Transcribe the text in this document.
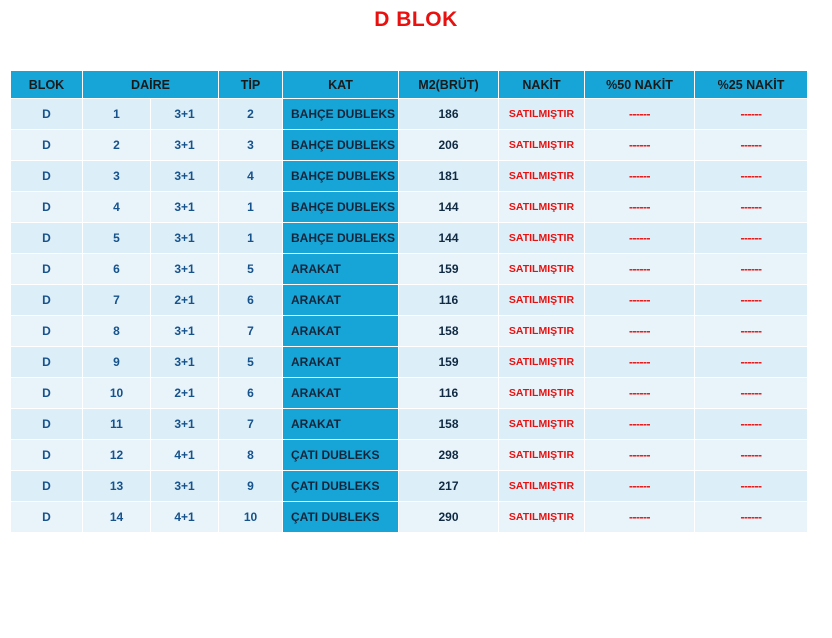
D BLOK
BLOK	DAİRE		TİP	KAT	M2(BRÜT)	NAKİT	%50 NAKİT	%25 NAKİT
D	1	3+1	2	BAHÇE DUBLEKS	186	SATILMIŞTIR	------	------
D	2	3+1	3	BAHÇE DUBLEKS	206	SATILMIŞTIR	------	------
D	3	3+1	4	BAHÇE DUBLEKS	181	SATILMIŞTIR	------	------
D	4	3+1	1	BAHÇE DUBLEKS	144	SATILMIŞTIR	------	------
D	5	3+1	1	BAHÇE DUBLEKS	144	SATILMIŞTIR	------	------
D	6	3+1	5	ARAKAT	159	SATILMIŞTIR	------	------
D	7	2+1	6	ARAKAT	116	SATILMIŞTIR	------	------
D	8	3+1	7	ARAKAT	158	SATILMIŞTIR	------	------
D	9	3+1	5	ARAKAT	159	SATILMIŞTIR	------	------
D	10	2+1	6	ARAKAT	116	SATILMIŞTIR	------	------
D	11	3+1	7	ARAKAT	158	SATILMIŞTIR	------	------
D	12	4+1	8	ÇATI DUBLEKS	298	SATILMIŞTIR	------	------
D	13	3+1	9	ÇATI DUBLEKS	217	SATILMIŞTIR	------	------
D	14	4+1	10	ÇATI DUBLEKS	290	SATILMIŞTIR	------	------
